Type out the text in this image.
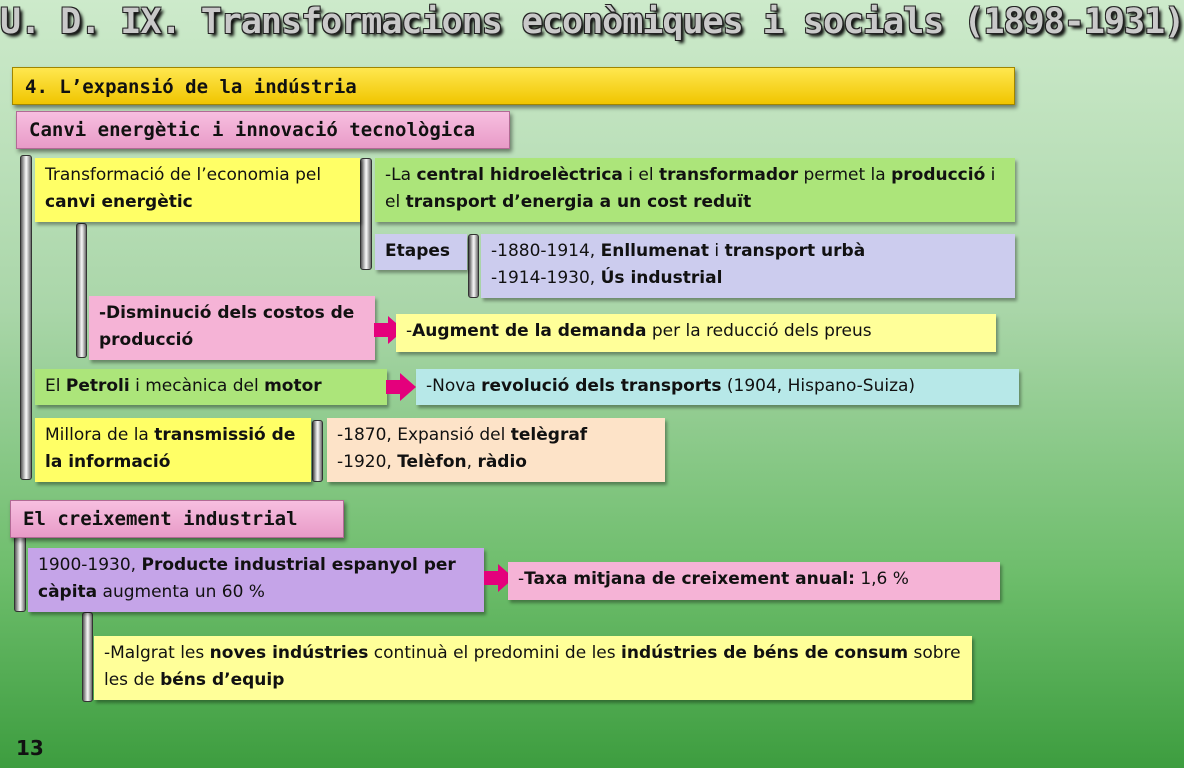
U. D. IX. Transformacions econòmiques i socials (1898-1931)
4. L’expansió de la indústria
Canvi energètic i innovació tecnològica
Transformació de l’economia pel canvi energètic
-La central hidroelèctrica i el transformador permet la producció i el transport d’energia a un cost reduït
Etapes	-1880-1914, Enllumenat i transport urbà
-1914-1930, Ús industrial
-Disminució dels costos de producció	-Augment de la demanda per la reducció dels preus
El Petroli i mecànica del motor	-Nova revolució dels transports (1904, Hispano-Suiza)
Millora de la transmissió de la informació
-1870, Expansió del telègraf
-1920, Telèfon, ràdio
El creixement industrial
1900-1930, Producte industrial espanyol per càpita augmenta un 60 %
-Taxa mitjana de creixement anual: 1,6 %
-Malgrat les noves indústries continuà el predomini de les indústries de béns de consum sobre les de béns d’equip
13
